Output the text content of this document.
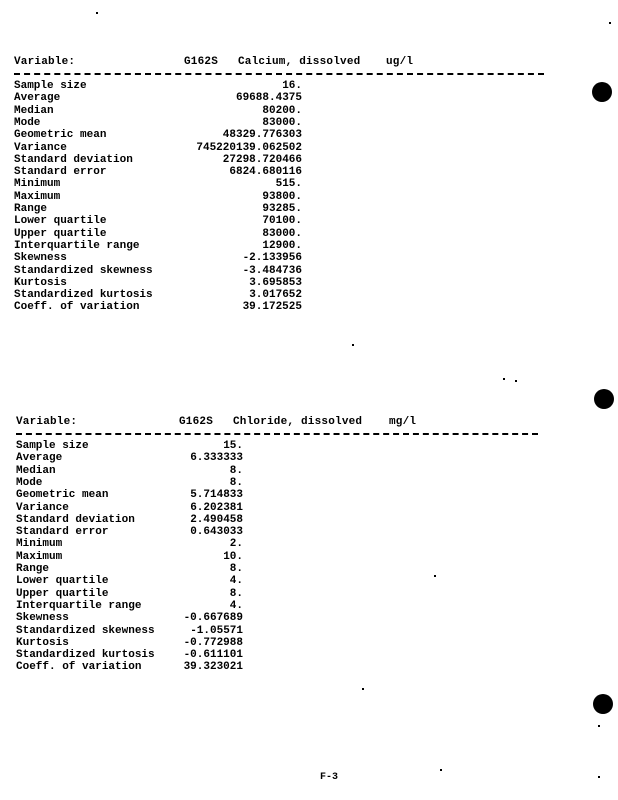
Variable:	G162S Calcium, dissolved ug/l
Sample size	16.
Average	69688.4375
Median	80200.
Mode	83000.
Geometric mean	48329.776303
Variance	745220139.062502
Standard deviation	27298.720466
Standard error	6824.680116
Minimum	515.
Maximum	93800.
Range	93285.
Lower quartile	70100.
Upper quartile	83000.
Interquartile range	12900.
Skewness	-2.133956
Standardized skewness	-3.484736
Kurtosis	3.695853
Standardized kurtosis	3.017652
Coeff. of variation	39.172525
Variable:	G162S Chloride, dissolved mg/l
Sample size	15.
Average	6.333333
Median	8.
Mode	8.
Geometric mean	5.714833
Variance	6.202381
Standard deviation	2.490458
Standard error	0.643033
Minimum	2.
Maximum	10.
Range	8.
Lower quartile	4.
Upper quartile	8.
Interquartile range	4.
Skewness	-0.667689
Standardized skewness	-1.05571
Kurtosis	-0.772988
Standardized kurtosis	-0.611101
Coeff. of variation	39.323021
F-3
